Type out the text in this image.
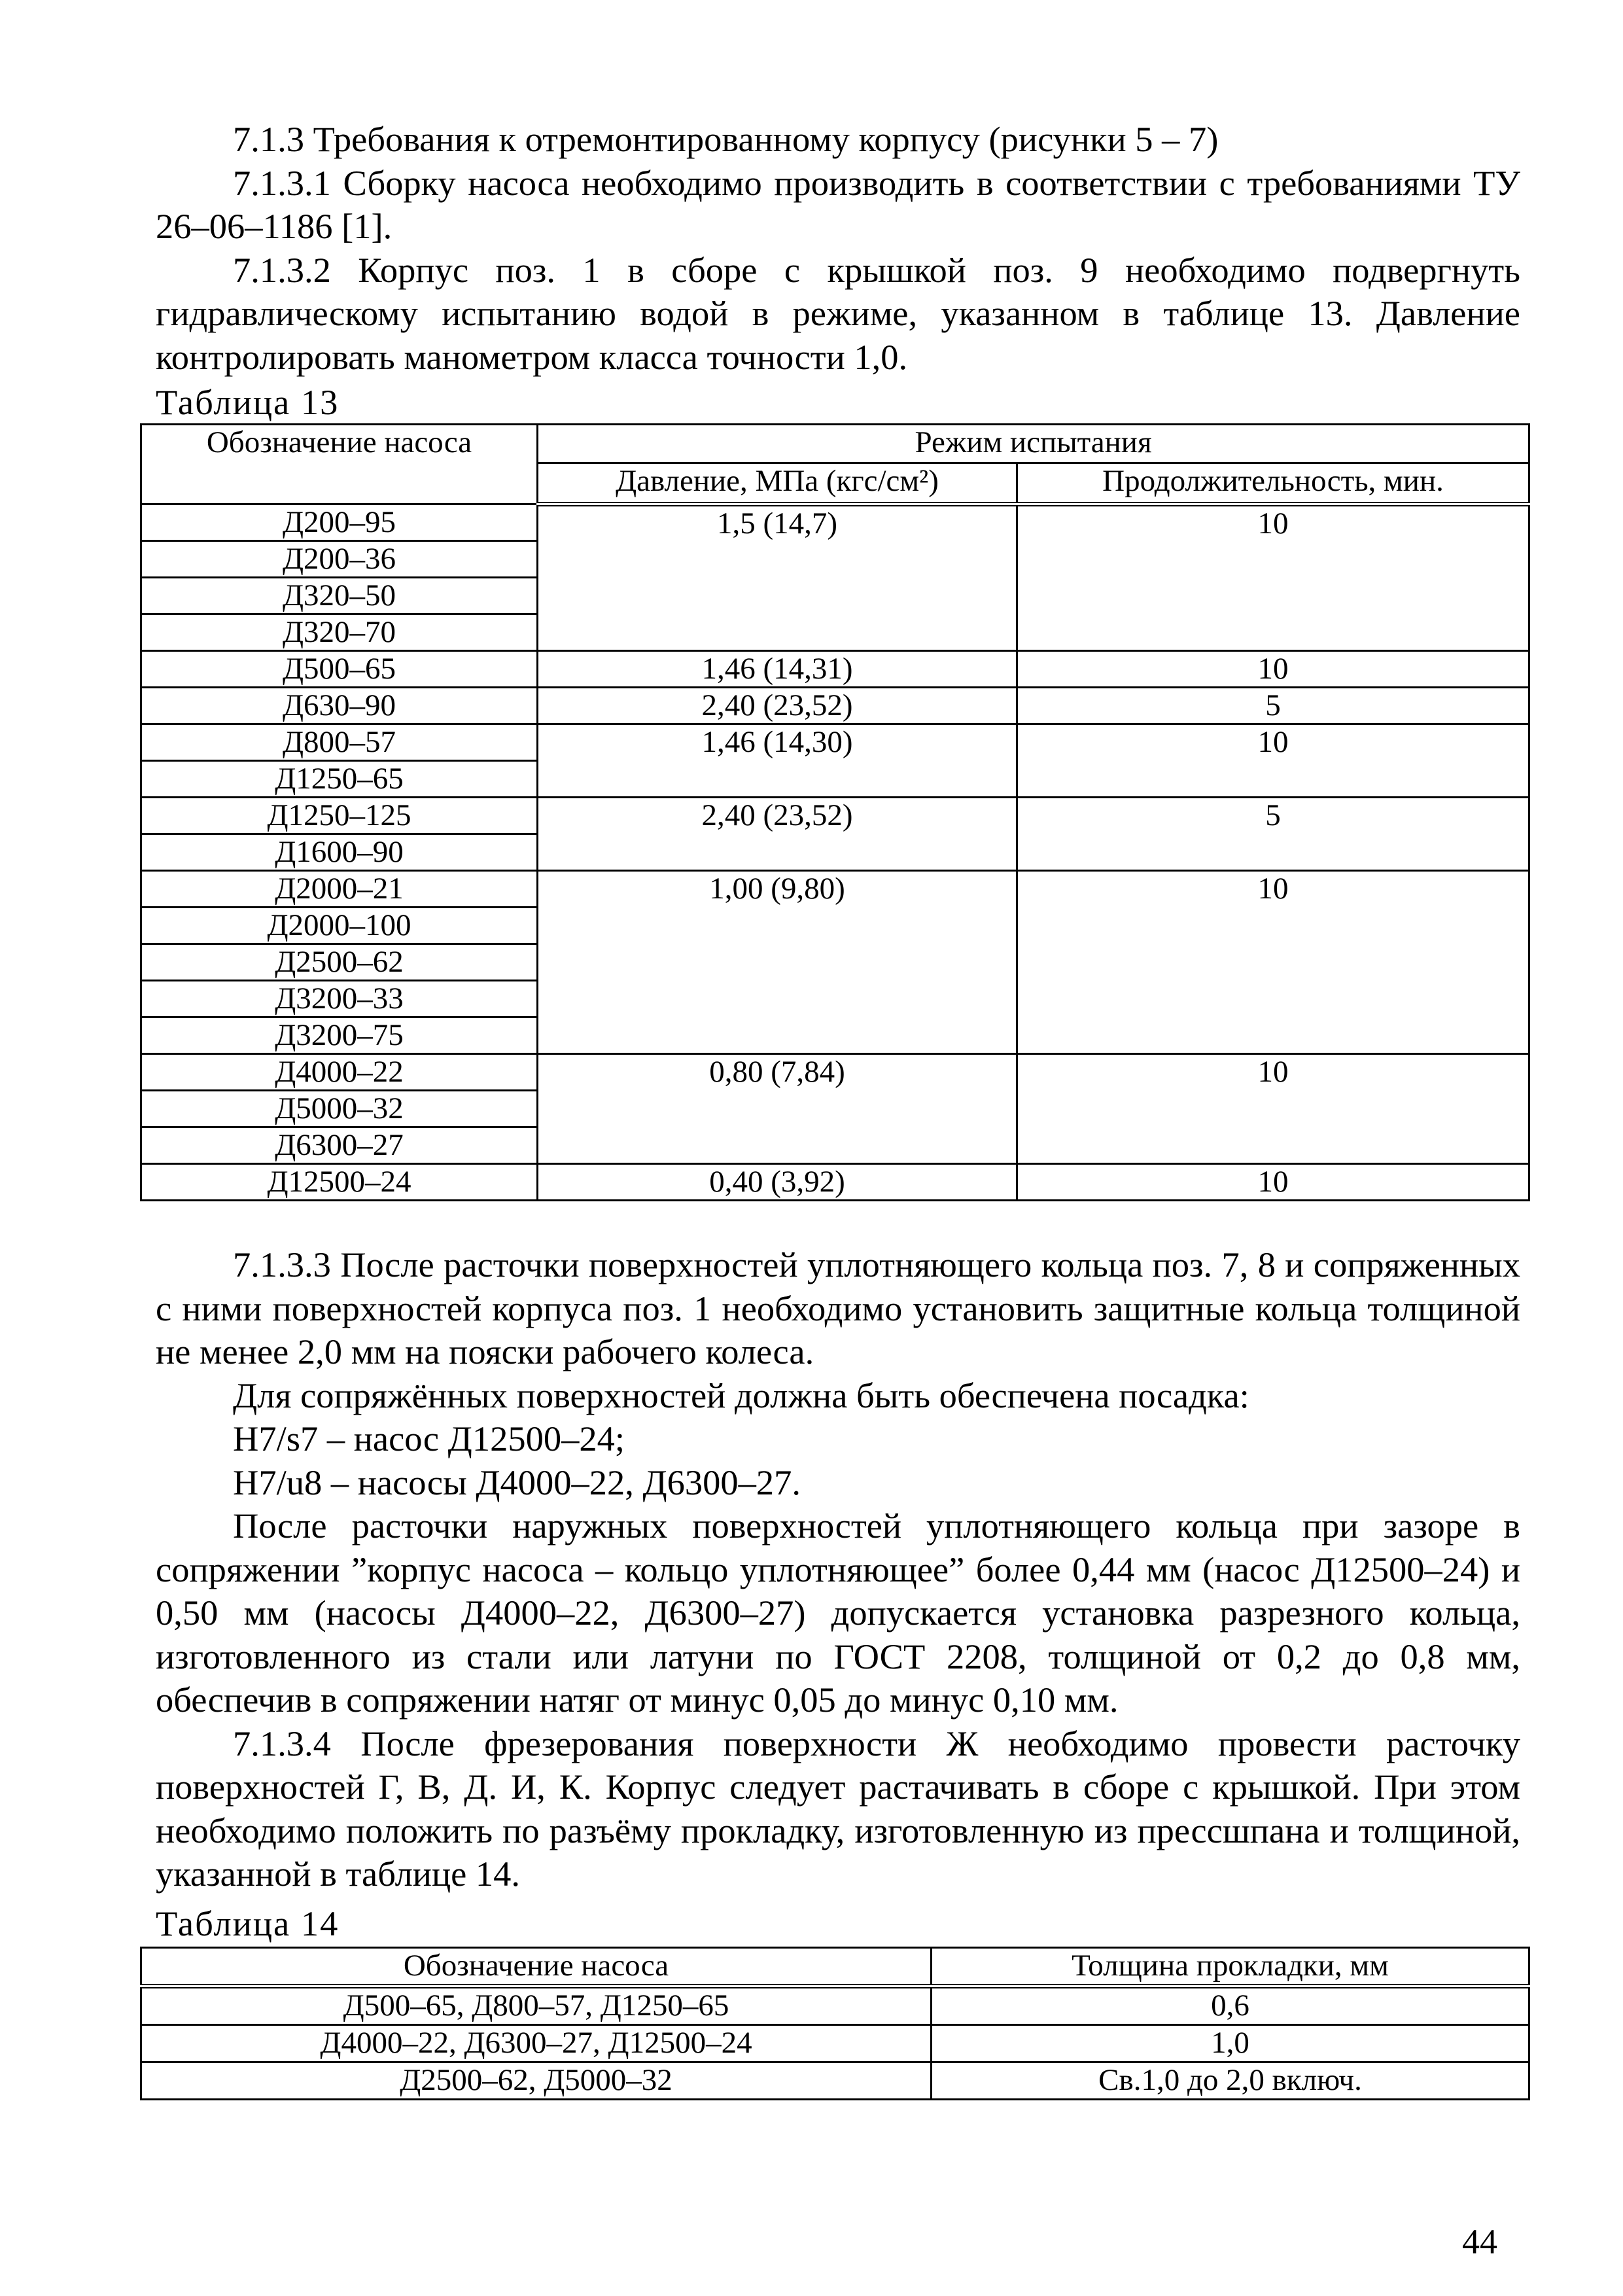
7.1.3 Требования к отремонтированному корпусу (рисунки 5 – 7)

7.1.3.1 Сборку насоса необходимо производить в соответствии с требованиями ТУ 26–06–1186 [1].

7.1.3.2 Корпус поз. 1 в сборе с крышкой поз. 9 необходимо подвергнуть гидравлическому испытанию водой в режиме, указанном в таблице 13. Давление контролировать манометром класса точности 1,0.

Таблица 13
Обозначение насоса	Режим испытания	
	Давление, МПа (кгс/см²)	Продолжительность, мин.
Д200–95	1,5 (14,7)	10
Д200–36		
Д320–50		
Д320–70		
Д500–65	1,46 (14,31)	10
Д630–90	2,40 (23,52)	5
Д800–57	1,46 (14,30)	10
Д1250–65		
Д1250–125	2,40 (23,52)	5
Д1600–90		
Д2000–21	1,00 (9,80)	10
Д2000–100		
Д2500–62		
Д3200–33		
Д3200–75		
Д4000–22	0,80 (7,84)	10
Д5000–32		
Д6300–27		
Д12500–24	0,40 (3,92)	10

7.1.3.3 После расточки поверхностей уплотняющего кольца поз. 7, 8 и сопряженных с ними поверхностей корпуса поз. 1 необходимо установить защитные кольца толщиной не менее 2,0 мм на пояски рабочего колеса.

Для сопряжённых поверхностей должна быть обеспечена посадка:

H7/s7 – насос Д12500–24;

H7/u8 – насосы Д4000–22, Д6300–27.

После расточки наружных поверхностей уплотняющего кольца при зазоре в сопряжении ”корпус насоса – кольцо уплотняющее” более 0,44 мм (насос Д12500–24) и 0,50 мм (насосы Д4000–22, Д6300–27) допускается установка разрезного кольца, изготовленного из стали или латуни по ГОСТ 2208, толщиной от 0,2 до 0,8 мм, обеспечив в сопряжении натяг от минус 0,05 до минус 0,10 мм.

7.1.3.4 После фрезерования поверхности Ж необходимо провести расточку поверхностей Г, В, Д. И, К. Корпус следует растачивать в сборе с крышкой. При этом необходимо положить по разъёму прокладку, изготовленную из прессшпана и толщиной, указанной в таблице 14.

Таблица 14
Обозначение насоса	Толщина прокладки, мм
Д500–65, Д800–57, Д1250–65	0,6
Д4000–22, Д6300–27, Д12500–24	1,0
Д2500–62, Д5000–32	Св.1,0 до 2,0 включ.
44
